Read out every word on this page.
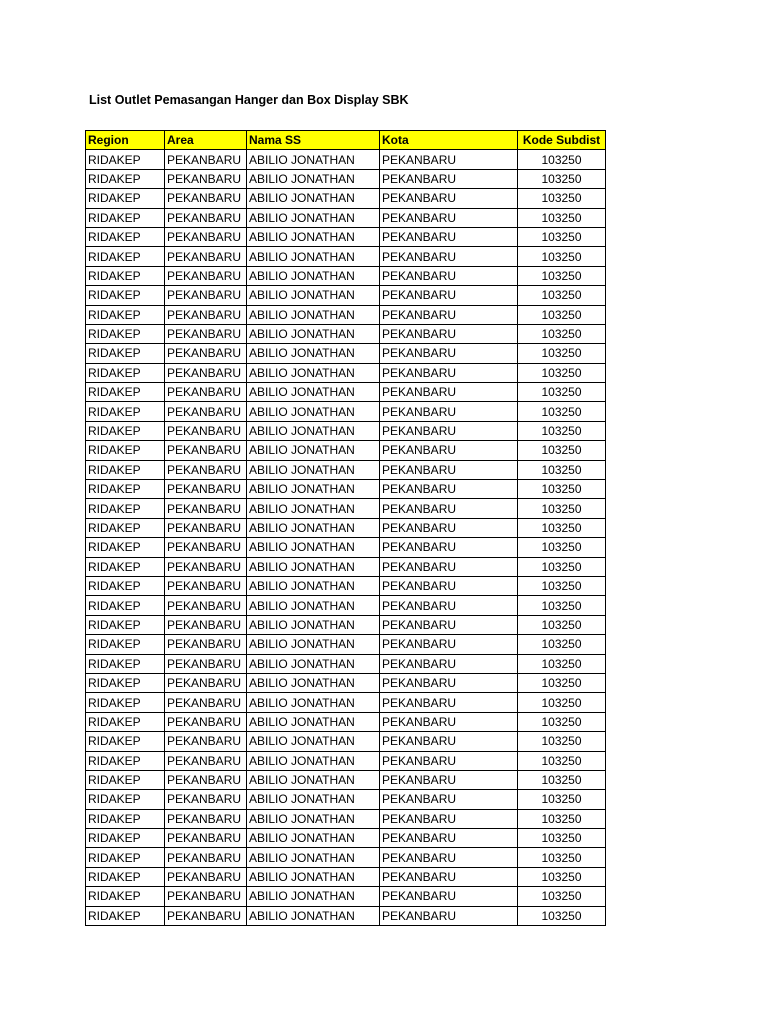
List Outlet Pemasangan Hanger dan Box Display SBK
Region	Area	Nama SS	Kota	Kode Subdist
RIDAKEP	PEKANBARU	ABILIO JONATHAN	PEKANBARU	103250
RIDAKEP	PEKANBARU	ABILIO JONATHAN	PEKANBARU	103250
RIDAKEP	PEKANBARU	ABILIO JONATHAN	PEKANBARU	103250
RIDAKEP	PEKANBARU	ABILIO JONATHAN	PEKANBARU	103250
RIDAKEP	PEKANBARU	ABILIO JONATHAN	PEKANBARU	103250
RIDAKEP	PEKANBARU	ABILIO JONATHAN	PEKANBARU	103250
RIDAKEP	PEKANBARU	ABILIO JONATHAN	PEKANBARU	103250
RIDAKEP	PEKANBARU	ABILIO JONATHAN	PEKANBARU	103250
RIDAKEP	PEKANBARU	ABILIO JONATHAN	PEKANBARU	103250
RIDAKEP	PEKANBARU	ABILIO JONATHAN	PEKANBARU	103250
RIDAKEP	PEKANBARU	ABILIO JONATHAN	PEKANBARU	103250
RIDAKEP	PEKANBARU	ABILIO JONATHAN	PEKANBARU	103250
RIDAKEP	PEKANBARU	ABILIO JONATHAN	PEKANBARU	103250
RIDAKEP	PEKANBARU	ABILIO JONATHAN	PEKANBARU	103250
RIDAKEP	PEKANBARU	ABILIO JONATHAN	PEKANBARU	103250
RIDAKEP	PEKANBARU	ABILIO JONATHAN	PEKANBARU	103250
RIDAKEP	PEKANBARU	ABILIO JONATHAN	PEKANBARU	103250
RIDAKEP	PEKANBARU	ABILIO JONATHAN	PEKANBARU	103250
RIDAKEP	PEKANBARU	ABILIO JONATHAN	PEKANBARU	103250
RIDAKEP	PEKANBARU	ABILIO JONATHAN	PEKANBARU	103250
RIDAKEP	PEKANBARU	ABILIO JONATHAN	PEKANBARU	103250
RIDAKEP	PEKANBARU	ABILIO JONATHAN	PEKANBARU	103250
RIDAKEP	PEKANBARU	ABILIO JONATHAN	PEKANBARU	103250
RIDAKEP	PEKANBARU	ABILIO JONATHAN	PEKANBARU	103250
RIDAKEP	PEKANBARU	ABILIO JONATHAN	PEKANBARU	103250
RIDAKEP	PEKANBARU	ABILIO JONATHAN	PEKANBARU	103250
RIDAKEP	PEKANBARU	ABILIO JONATHAN	PEKANBARU	103250
RIDAKEP	PEKANBARU	ABILIO JONATHAN	PEKANBARU	103250
RIDAKEP	PEKANBARU	ABILIO JONATHAN	PEKANBARU	103250
RIDAKEP	PEKANBARU	ABILIO JONATHAN	PEKANBARU	103250
RIDAKEP	PEKANBARU	ABILIO JONATHAN	PEKANBARU	103250
RIDAKEP	PEKANBARU	ABILIO JONATHAN	PEKANBARU	103250
RIDAKEP	PEKANBARU	ABILIO JONATHAN	PEKANBARU	103250
RIDAKEP	PEKANBARU	ABILIO JONATHAN	PEKANBARU	103250
RIDAKEP	PEKANBARU	ABILIO JONATHAN	PEKANBARU	103250
RIDAKEP	PEKANBARU	ABILIO JONATHAN	PEKANBARU	103250
RIDAKEP	PEKANBARU	ABILIO JONATHAN	PEKANBARU	103250
RIDAKEP	PEKANBARU	ABILIO JONATHAN	PEKANBARU	103250
RIDAKEP	PEKANBARU	ABILIO JONATHAN	PEKANBARU	103250
RIDAKEP	PEKANBARU	ABILIO JONATHAN	PEKANBARU	103250
